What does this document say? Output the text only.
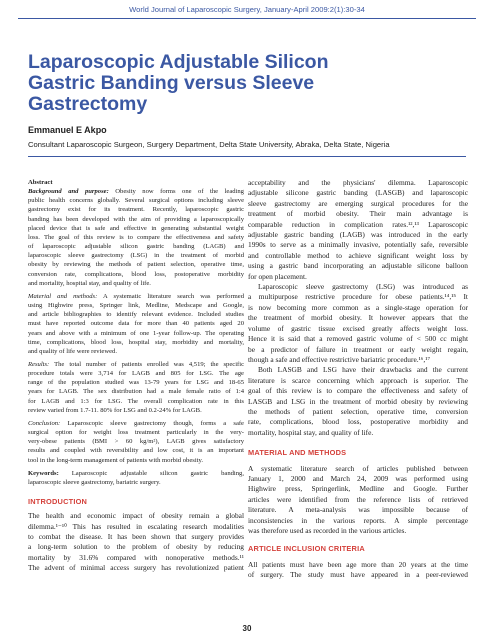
World Journal of Laparoscopic Surgery, January-April 2009:2(1):30-34
Laparoscopic Adjustable Silicon
Gastric Banding versus Sleeve
Gastrectomy
Emmanuel E Akpo
Consultant Laparoscopic Surgeon, Surgery Department, Delta State University, Abraka, Delta State, Nigeria
Abstract
Background and purpose: Obesity now forms one of the leading
public health concerns globally. Several surgical options including sleeve
gastrectomy exist for its treatment. Recently, laparoscopic gastric
banding has been developed with the aim of providing a laparoscopically
placed device that is safe and effective in generating substantial weight
loss. The goal of this review is to compare the effectiveness and safety
of laparoscopic adjustable silicon gastric banding (LAGB) and
laparoscopic sleeve gastrectomy (LSG) in the treatment of morbid
obesity by reviewing the methods of patient selection, operative time,
conversion rate, complications, blood loss, postoperative morbidity
and mortality, hospital stay, and quality of life.
Material and methods: A systematic literature search was performed
using Highwire press, Springer link, Medline, Medscape and Google,
and article bibliographies to identify relevant evidence. Included studies
must have reported outcome data for more than 40 patients aged 20
years and above with a minimum of one 1-year follow-up. The operating
time, complications, blood loss, hospital stay, morbidity and mortality,
and quality of life were reviewed.
Results: The total number of patients enrolled was 4,519; the specific
procedure totals were 3,714 for LAGB and 805 for LSG. The age
range of the population studied was 13-79 years for LSG and 18-65
years for LAGB. The sex distribution had a male female ratio of 1:4
for LAGB and 1:3 for LSG. The overall complication rate in this
review varied from 1.7-11. 80% for LSG and 0.2-24% for LAGB.
Conclusion: Laparoscopic sleeve gastrectomy though, forms a safe
surgical option for weight loss treatment particularly in the very-
very-obese patients (BMI > 60 kg/m²), LAGB gives satisfactory
results and coupled with reversibility and low cost, it is an important
tool in the long-term management of patients with morbid obesity.
Keywords: Laparoscopic adjustable silicon gastric banding,
laparoscopic sleeve gastrectomy, bariatric surgery.
INTRODUCTION
The health and economic impact of obesity remain a global
dilemma.¹⁻¹⁰ This has resulted in escalating research modalities
to combat the disease. It has been shown that surgery provides
a long-term solution to the problem of obesity by reducing
mortality by 31.6% compared with nonoperative methods.¹¹
The advent of minimal access surgery has revolutionized patient
acceptability and the physicians' dilemma. Laparoscopic
adjustable silicone gastric banding (LASGB) and laparoscopic
sleeve gastrectomy are emerging surgical procedures for the
treatment of morbid obesity. Their main advantage is
comparable reduction in complication rates.¹²,¹³ Laparoscopic
adjustable gastric banding (LAGB) was introduced in the early
1990s to serve as a minimally invasive, potentially safe, reversible
and controllable method to achieve significant weight loss by
using a gastric band incorporating an adjustable silicone balloon
for open placement.
Laparoscopic sleeve gastrectomy (LSG) was introduced as
a multipurpose restrictive procedure for obese patients.¹⁴,¹⁵ It
is now becoming more common as a single-stage operation for
the treatment of morbid obesity. It however appears that the
volume of gastric tissue excised greatly affects weight loss.
Hence it is said that a removed gastric volume of < 500 cc might
be a predictor of failure in treatment or early weight regain,
though a safe and effective restrictive bariatric procedure.¹⁶,¹⁷
Both LASGB and LSG have their drawbacks and the current
literature is scarce concerning which approach is superior. The
goal of this review is to compare the effectiveness and safety of
LASGB and LSG in the treatment of morbid obesity by reviewing
the methods of patient selection, operative time, conversion
rate, complications, blood loss, postoperative morbidity and
mortality, hospital stay, and quality of life.
MATERIAL AND METHODS
A systematic literature search of articles published between
January 1, 2000 and March 24, 2009 was performed using
Highwire press, Springerlink, Medline and Google. Further
articles were identified from the reference lists of retrieved
literature. A meta-analysis was impossible because of
inconsistencies in the various reports. A simple percentage
was therefore used as recorded in the various articles.
ARTICLE INCLUSION CRITERIA
All patients must have been age more than 20 years at the time
of surgery. The study must have appeared in a peer-reviewed
30
